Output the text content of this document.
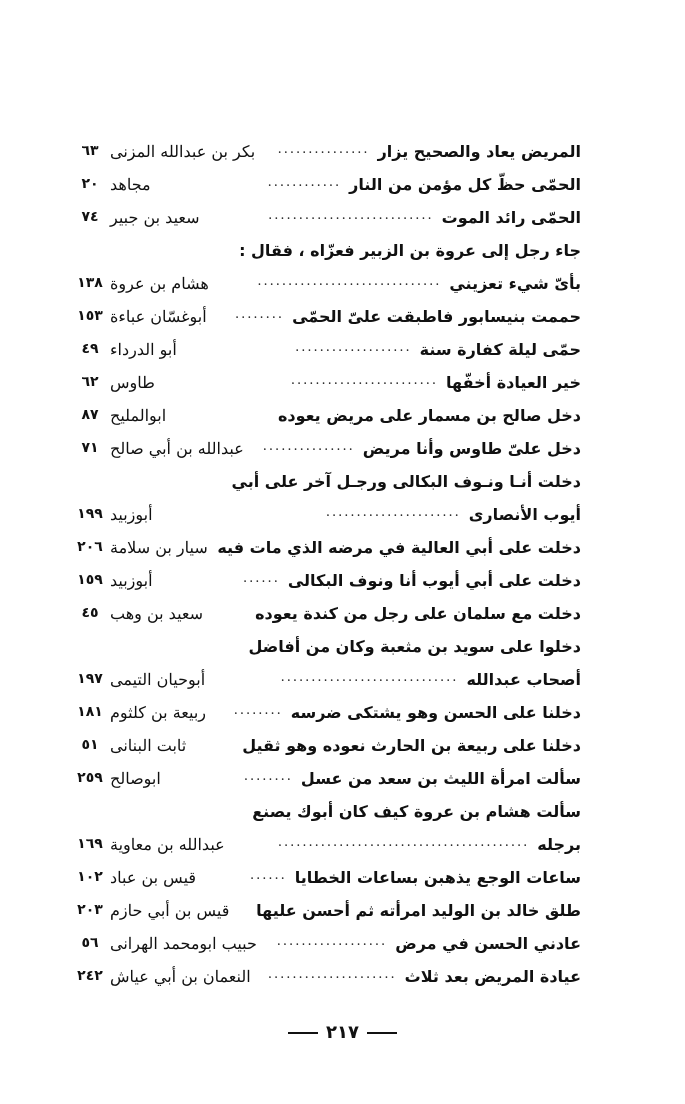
المريض يعاد والصحيح يزار
...............
بكر بن عبدالله المزنى
٦٣
الحمّى حظّ كل مؤمن من النار
............
مجاهد
٢٠
الحمّى رائد الموت
...........................
سعيد بن جبير
٧٤
جاء رجل إلى عروة بن الزبير فعزّاه ، فقال :
بأىّ شيء تعزيني
..............................
هشام بن عروة
١٣٨
حممت بنيسابور فاطبقت علىّ الحمّى
........
أبوغسّان عباءة
١٥٣
حمّى ليلة كفارة سنة
...................
أبو الدرداء
٤٩
خير العيادة أخفّها
........................
طاوس
٦٢
دخل صالح بن مسمار على مريض يعوده
ابوالمليح
٨٧
دخل علىّ طاوس وأنا مريض
...............
عبدالله بن أبي صالح
٧١
دخلت أنـا ونـوف البكالى ورجـل آخر على أبي
أيوب الأنصارى
......................
أبوزبيد
١٩٩
دخلت على أبي العالية في مرضه الذي مات فيه
سيار بن سلامة
٢٠٦
دخلت على أبي أيوب أنا ونوف البكالى
......
أبوزبيد
١٥٩
دخلت مع سلمان على رجل من كندة يعوده
سعيد بن وهب
٤٥
دخلوا على سويد بن مثعبة وكان من أفاضل
أصحاب عبدالله
.............................
أبوحيان التيمى
١٩٧
دخلنا على الحسن وهو يشتكى ضرسه
........
ربيعة بن كلثوم
١٨١
دخلنا على ربيعة بن الحارث نعوده وهو ثقيل
ثابت البنانى
٥١
سألت امرأة الليث بن سعد من عسل
........
ابوصالح
٢٥٩
سألت هشام بن عروة كيف كان أبوك يصنع
برجله
.........................................
عبدالله بن معاوية
١٦٩
ساعات الوجع يذهبن بساعات الخطايا
......
قيس بن عباد
١٠٢
طلق خالد بن الوليد امرأته ثم أحسن عليها
قيس بن أبي حازم
٢٠٣
عادني الحسن في مرض
..................
حبيب ابومحمد الهرانى
٥٦
عيادة المريض بعد ثلاث
.....................
النعمان بن أبي عياش
٢٤٢
٢١٧
